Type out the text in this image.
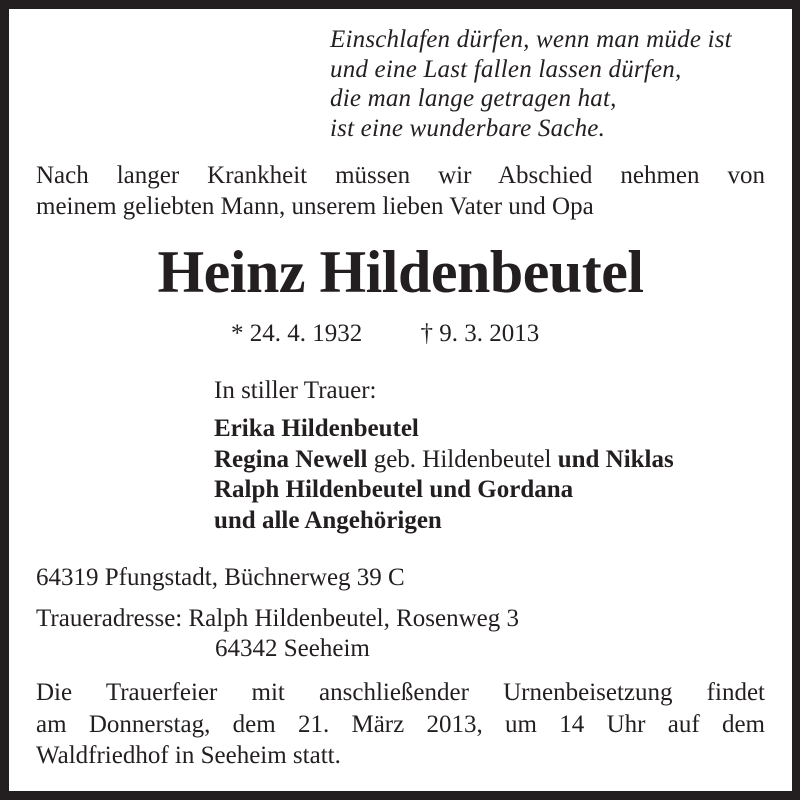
Einschlafen dürfen, wenn man müde ist
und eine Last fallen lassen dürfen,
die man lange getragen hat,
ist eine wunderbare Sache.
Nach langer Krankheit müssen wir Abschied nehmen von
meinem geliebten Mann, unserem lieben Vater und Opa
Heinz Hildenbeutel
* 24. 4. 1932 † 9. 3. 2013
In stiller Trauer:
Erika Hildenbeutel
Regina Newell geb. Hildenbeutel und Niklas
Ralph Hildenbeutel und Gordana
und alle Angehörigen
64319 Pfungstadt, Büchnerweg 39 C
Traueradresse: Ralph Hildenbeutel, Rosenweg 3
64342 Seeheim
Die Trauerfeier mit anschließender Urnenbeisetzung findet
am Donnerstag, dem 21. März 2013, um 14 Uhr auf dem
Waldfriedhof in Seeheim statt.
